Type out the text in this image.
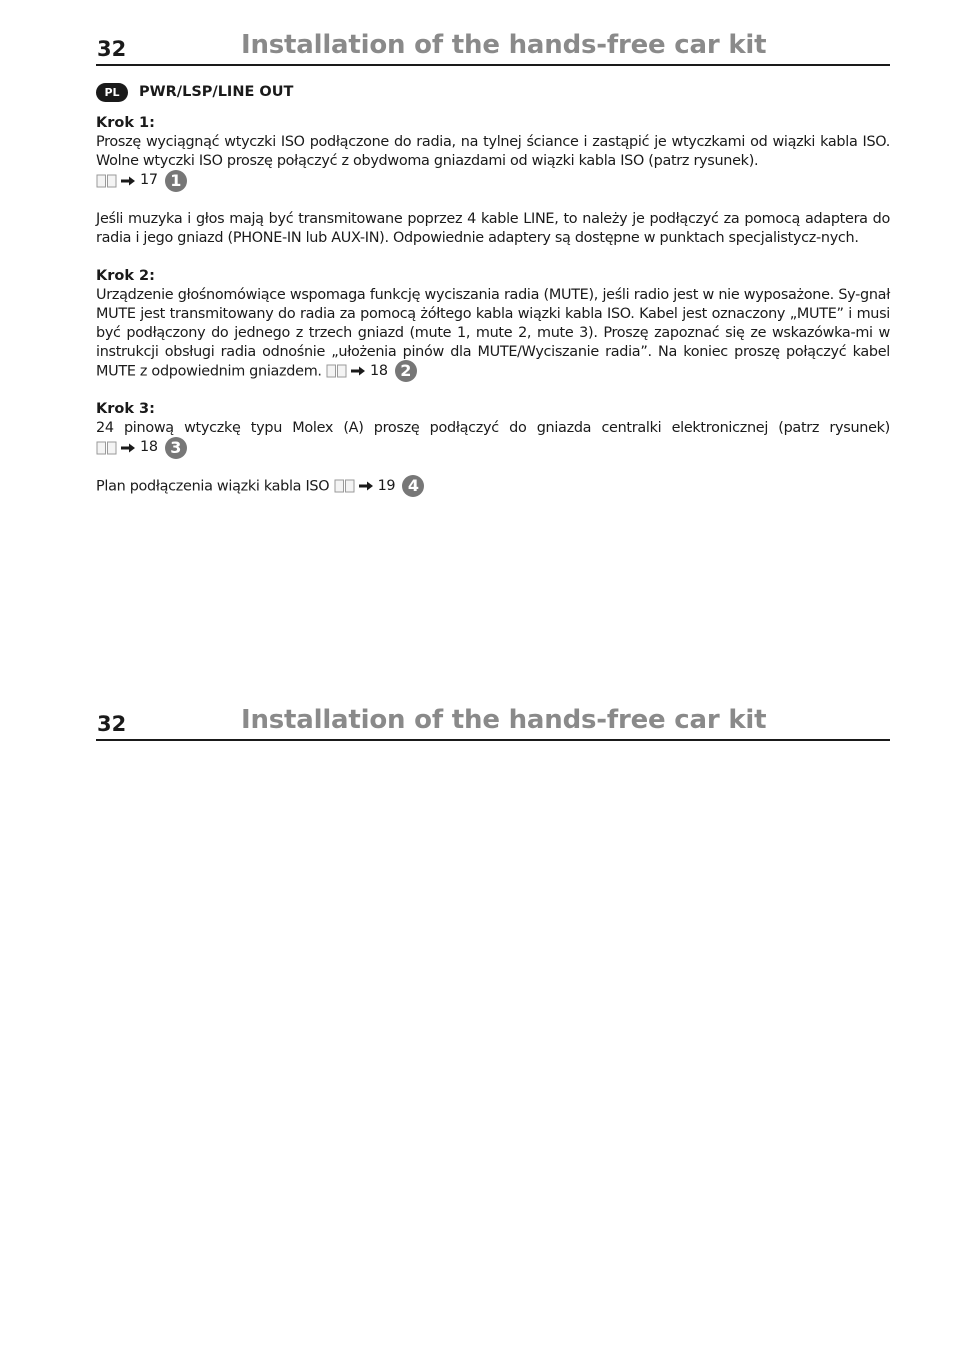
32	Installation of the hands-free car kit
PL	PWR/LSP/LINE OUT
Krok 1:

Proszę wyciągnąć wtyczki ISO podłączone do radia, na tylnej ściance i zastąpić je wtyczkami od wiązki kabla ISO. Wolne wtyczki ISO proszę połączyć z obydwoma gniazdami od wiązki kabla ISO (patrz rysunek).

17 1

Jeśli muzyka i głos mają być transmitowane poprzez 4 kable LINE, to należy je podłączyć za pomocą adaptera do radia i jego gniazd (PHONE-IN lub AUX-IN). Odpowiednie adaptery są dostępne w punktach specjalistycz-nych.

Krok 2:

Urządzenie głośnomówiące wspomaga funkcję wyciszania radia (MUTE), jeśli radio jest w nie wyposażone. Sy-gnał MUTE jest transmitowany do radia za pomocą żółtego kabla wiązki kabla ISO. Kabel jest oznaczony „MUTE” i musi być podłączony do jednego z trzech gniazd (mute 1, mute 2, mute 3). Proszę zapoznać się ze wskazówka-mi w instrukcji obsługi radia odnośnie „ułożenia pinów dla MUTE/Wyciszanie radia”. Na koniec proszę połączyć kabel MUTE z odpowiednim gniazdem.	18 2

Krok 3:

24 pinową wtyczkę typu Molex (A) proszę podłączyć do gniazda centralki elektronicznej (patrz rysunek)

18 3

Plan podłączenia wiązki kabla ISO	19 4

32	Installation of the hands-free car kit
